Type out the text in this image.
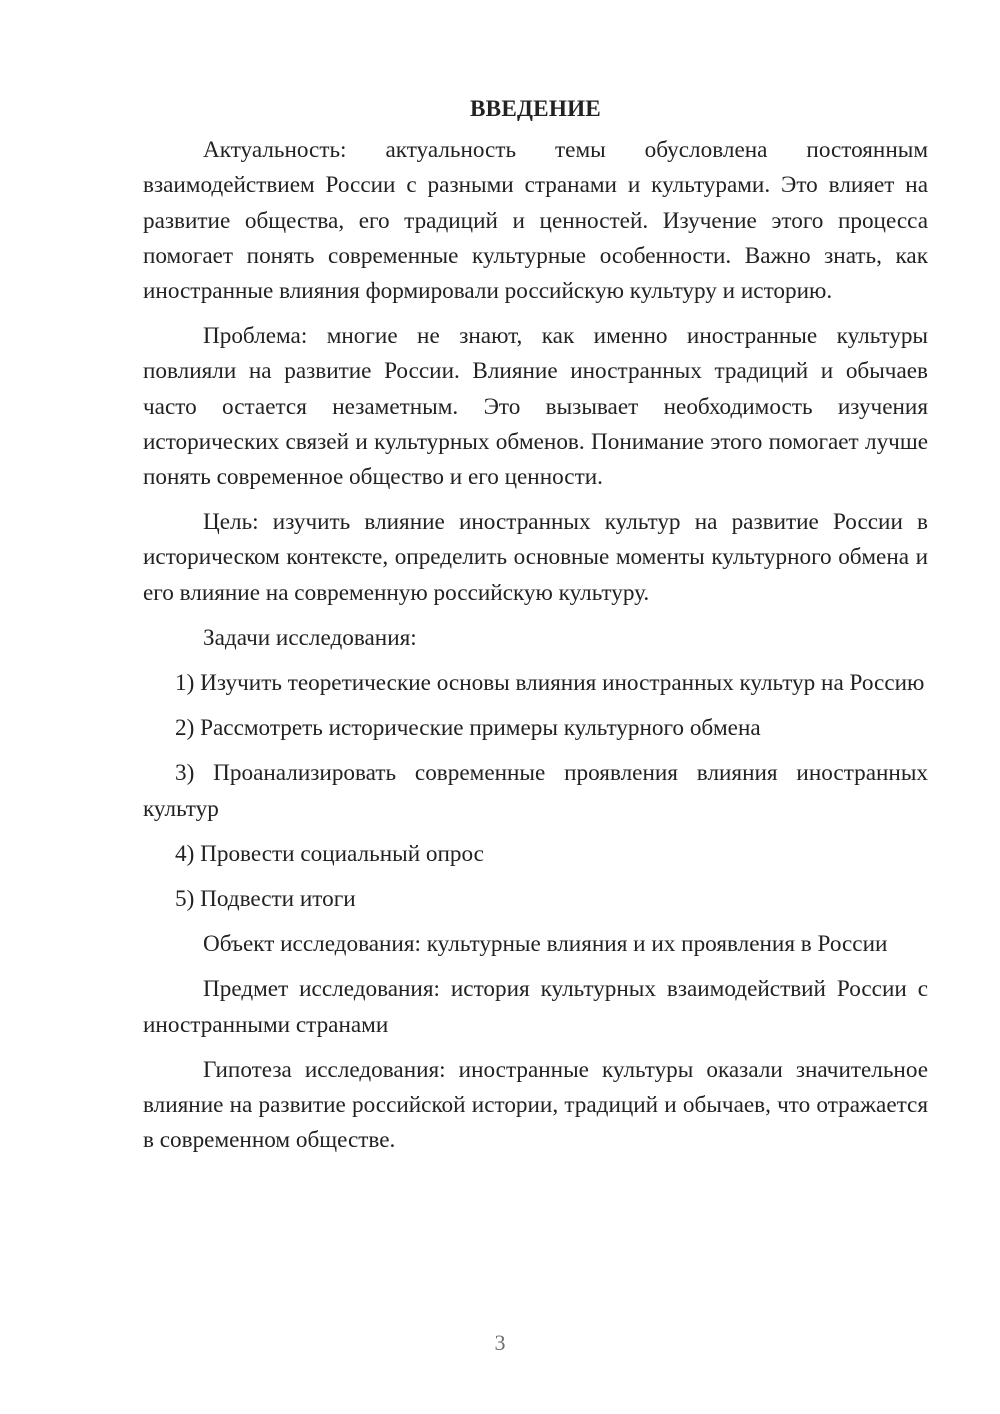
ВВЕДЕНИЕ

Актуальность: актуальность темы обусловлена постоянным взаимодействием России с разными странами и культурами. Это влияет на развитие общества, его традиций и ценностей. Изучение этого процесса помогает понять современные культурные особенности. Важно знать, как иностранные влияния формировали российскую культуру и историю.

Проблема: многие не знают, как именно иностранные культуры повлияли на развитие России. Влияние иностранных традиций и обычаев часто остается незаметным. Это вызывает необходимость изучения исторических связей и культурных обменов. Понимание этого помогает лучше понять современное общество и его ценности.

Цель: изучить влияние иностранных культур на развитие России в историческом контексте, определить основные моменты культурного обмена и его влияние на современную российскую культуру.

Задачи исследования:

1) Изучить теоретические основы влияния иностранных культур на Россию

2) Рассмотреть исторические примеры культурного обмена

3) Проанализировать современные проявления влияния иностранных культур

4) Провести социальный опрос

5) Подвести итоги

Объект исследования: культурные влияния и их проявления в России

Предмет исследования: история культурных взаимодействий России с иностранными странами

Гипотеза исследования: иностранные культуры оказали значительное влияние на развитие российской истории, традиций и обычаев, что отражается в современном обществе.

3
